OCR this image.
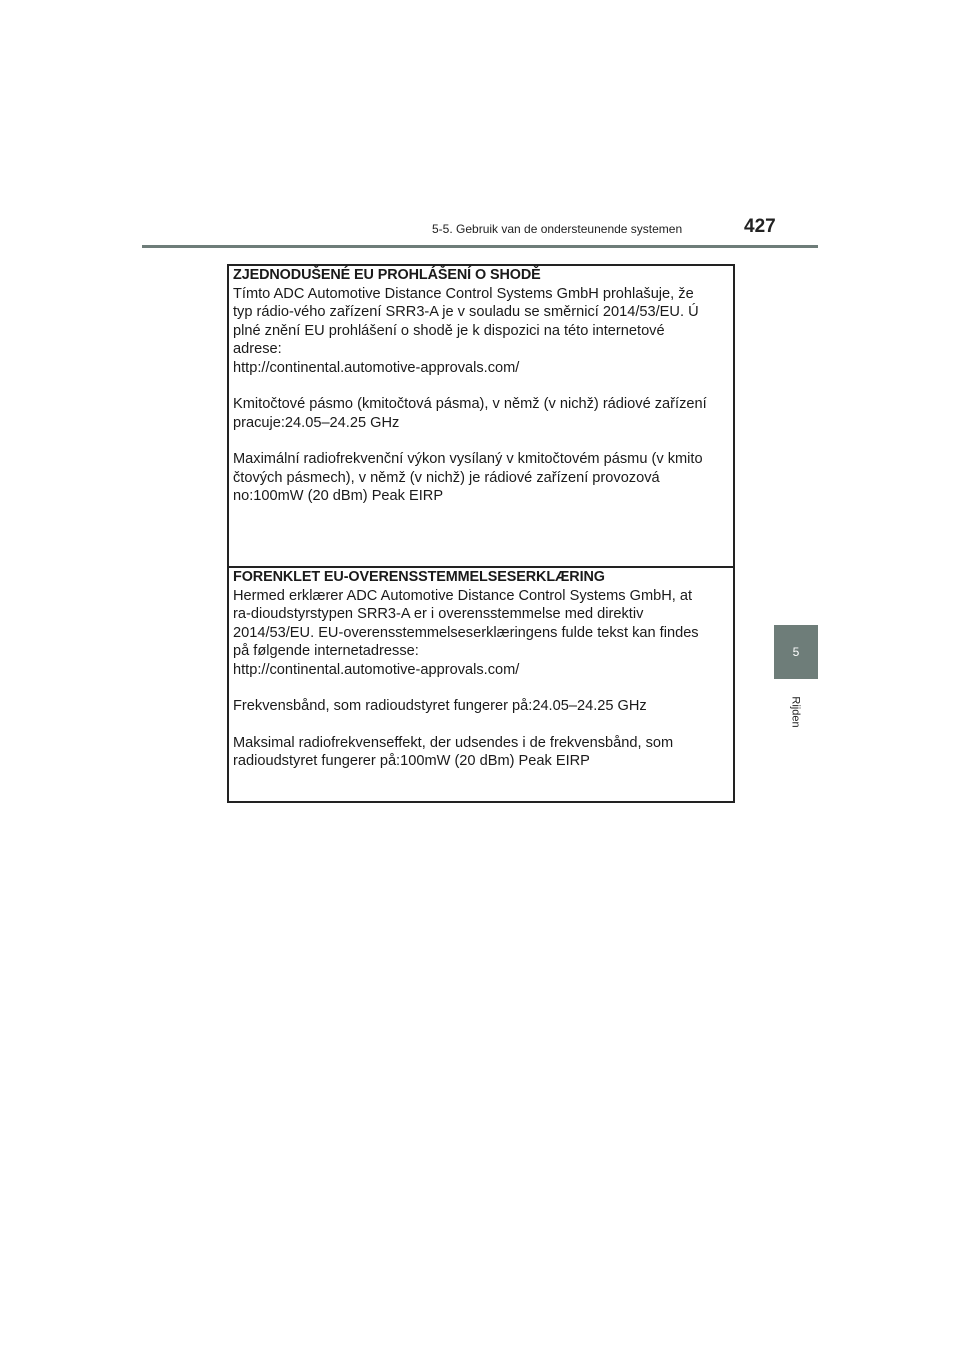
5-5. Gebruik van de ondersteunende systemen	427
5
Rijden
ZJEDNODUŠENÉ EU PROHLÁŠENÍ O SHODĚ
Tímto ADC Automotive Distance Control Systems GmbH prohlašuje, že
typ rádio-vého zařízení SRR3-A je v souladu se směrnicí 2014/53/EU. Ú
plné znění EU prohlášení o shodě je k dispozici na této internetové
adrese:
http://continental.automotive-approvals.com/
Kmitočtové pásmo (kmitočtová pásma), v němž (v nichž) rádiové zařízení
pracuje:24.05–24.25 GHz
Maximální radiofrekvenční výkon vysílaný v kmitočtovém pásmu (v kmito
čtových pásmech), v němž (v nichž) je rádiové zařízení provozová
no:100mW (20 dBm) Peak EIRP
FORENKLET EU-OVERENSSTEMMELSESERKLÆRING
Hermed erklærer ADC Automotive Distance Control Systems GmbH, at
ra-dioudstyrstypen SRR3-A er i overensstemmelse med direktiv
2014/53/EU. EU-overensstemmelseserklæringens fulde tekst kan findes
på følgende internetadresse:
http://continental.automotive-approvals.com/
Frekvensbånd, som radioudstyret fungerer på:24.05–24.25 GHz
Maksimal radiofrekvenseffekt, der udsendes i de frekvensbånd, som
radioudstyret fungerer på:100mW (20 dBm) Peak EIRP
